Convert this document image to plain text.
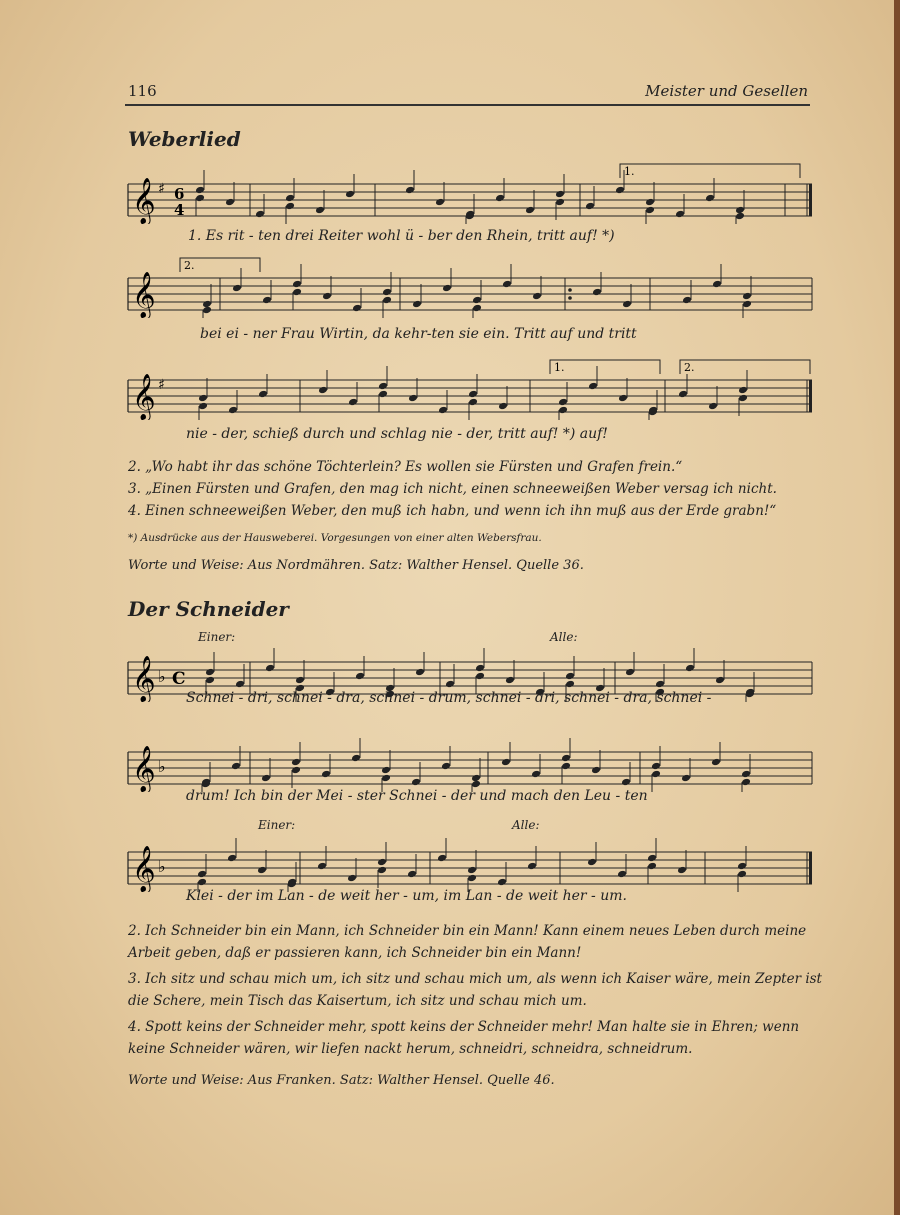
116	Meister und Gesellen
Weberlied
𝄞 ♯ 6
4
1.
1. Es rit - ten drei Reiter wohl ü - ber den Rhein, tritt auf! *)
𝄞
2.
bei ei - ner Frau Wirtin, da kehr-ten sie ein. Tritt auf und tritt
𝄞 ♯
1.	2.
nie - der, schieß durch und schlag nie - der, tritt auf! *) auf!
2. „Wo habt ihr das schöne Töchterlein? Es wollen sie Fürsten und Grafen frein.“
3. „Einen Fürsten und Grafen, den mag ich nicht, einen schneeweißen Weber versag ich nicht.
4. Einen schneeweißen Weber, den muß ich habn, und wenn ich ihn muß aus der Erde grabn!“
*) Ausdrücke aus der Hausweberei. Vorgesungen von einer alten Webersfrau.
Worte und Weise: Aus Nordmähren. Satz: Walther Hensel. Quelle 36.
Der Schneider
Einer:	Alle:
𝄞 ♭ C
Schnei - dri, schnei - dra, schnei - drum, schnei - dri, schnei - dra, schnei -
𝄞 ♭
drum! Ich bin der Mei - ster Schnei - der und mach den Leu - ten
Einer:	Alle:
𝄞 ♭
Klei - der im Lan - de weit her - um, im Lan - de weit her - um.
2. Ich Schneider bin ein Mann, ich Schneider bin ein Mann! Kann einem neues Leben durch meine Arbeit geben, daß er passieren kann, ich Schneider bin ein Mann!
3. Ich sitz und schau mich um, ich sitz und schau mich um, als wenn ich Kaiser wäre, mein Zepter ist die Schere, mein Tisch das Kaisertum, ich sitz und schau mich um.
4. Spott keins der Schneider mehr, spott keins der Schneider mehr! Man halte sie in Ehren; wenn keine Schneider wären, wir liefen nackt herum, schneidri, schneidra, schneidrum.
Worte und Weise: Aus Franken. Satz: Walther Hensel. Quelle 46.
